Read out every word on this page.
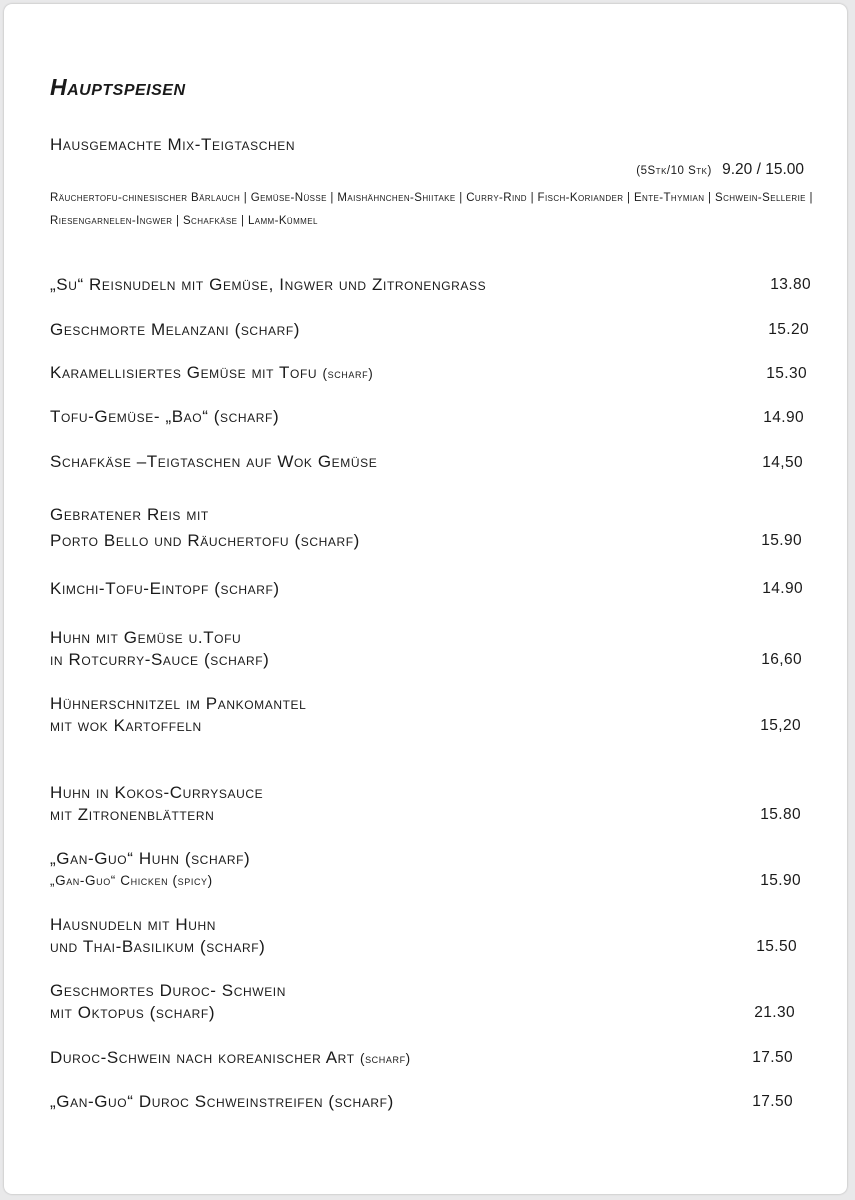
Hauptspeisen
Hausgemachte Mix-Teigtaschen
(5Stk/10 Stk) 9.20 / 15.00
Räuchertofu-chinesischer Bärlauch | Gemüse-Nüsse | Maishähnchen-Shiitake | Curry-Rind | Fisch-Koriander | Ente-Thymian | Schwein-Sellerie | Riesengarnelen-Ingwer | Schafkäse | Lamm-Kümmel
„Su“ Reisnudeln mit Gemüse, Ingwer und Zitronengrass	13.80
Geschmorte Melanzani (scharf)	15.20
Karamellisiertes Gemüse mit Tofu (scharf)	15.30
Tofu-Gemüse- „Bao“ (scharf)	14.90
Schafkäse –Teigtaschen auf Wok Gemüse	14,50
Gebratener Reis mit
Porto Bello und Räuchertofu (scharf)	15.90
Kimchi-Tofu-Eintopf (scharf)	14.90
Huhn mit Gemüse u.Tofu
in Rotcurry-Sauce (scharf)	16,60
Hühnerschnitzel im Pankomantel
mit wok Kartoffeln	15,20
Huhn in Kokos-Currysauce
mit Zitronenblättern	15.80
„Gan-Guo“ Huhn (scharf)
„Gan-Guo“ Chicken (spicy)	15.90
Hausnudeln mit Huhn
und Thai-Basilikum (scharf)	15.50
Geschmortes Duroc- Schwein
mit Oktopus (scharf)	21.30
Duroc-Schwein nach koreanischer Art (scharf)	17.50
„Gan-Guo“ Duroc Schweinstreifen (scharf)	17.50
